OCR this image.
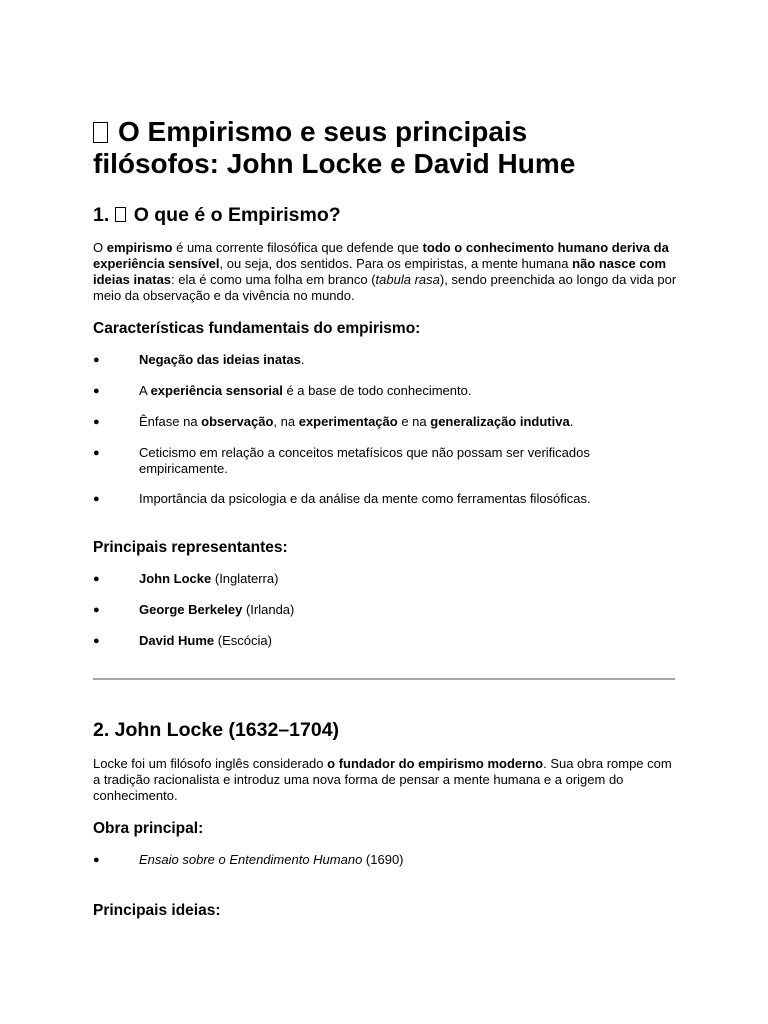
O Empirismo e seus principais filósofos: John Locke e David Hume
1. O que é o Empirismo?

O empirismo é uma corrente filosófica que defende que todo o conhecimento humano deriva da experiência sensível, ou seja, dos sentidos. Para os empiristas, a mente humana não nasce com ideias inatas: ela é como uma folha em branco (tabula rasa), sendo preenchida ao longo da vida por meio da observação e da vivência no mundo.

Características fundamentais do empirismo:
●	Negação das ideias inatas.
●	A experiência sensorial é a base de todo conhecimento.
●	Ênfase na observação, na experimentação e na generalização indutiva.
●	Ceticismo em relação a conceitos metafísicos que não possam ser verificados empiricamente.
●	Importância da psicologia e da análise da mente como ferramentas filosóficas.
Principais representantes:
●	John Locke (Inglaterra)
●	George Berkeley (Irlanda)
●	David Hume (Escócia)
2. John Locke (1632–1704)

Locke foi um filósofo inglês considerado o fundador do empirismo moderno. Sua obra rompe com a tradição racionalista e introduz uma nova forma de pensar a mente humana e a origem do conhecimento.

Obra principal:
●	Ensaio sobre o Entendimento Humano (1690)
Principais ideias:
